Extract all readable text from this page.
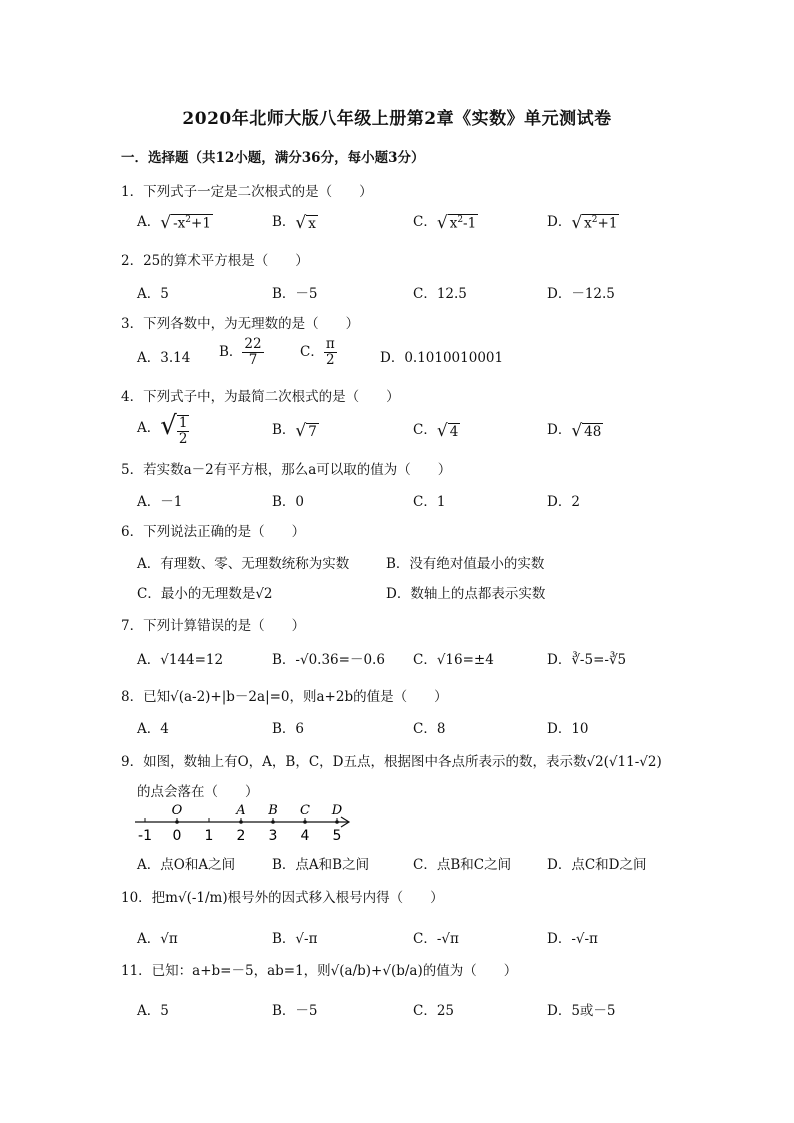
2020年北师大版八年级上册第2章《实数》单元测试卷
一．选择题（共12小题，满分36分，每小题3分）
1．下列式子一定是二次根式的是（　　）
A．√ $-x^2+1$	B．√ x	C．√ $x^2-1$	D．√ $x^2+1$
2．25的算术平方根是（　　）
A．5	B．－5	C．12.5	D．－12.5
3．下列各数中，为无理数的是（　　）
A．3.14 B． $\frac{22}{7}$	C． $\frac{\pi}{2}$	D．0.1010010001
4．下列式子中，为最简二次根式的是（　　）
A．√ $\frac{1}{2}$	B．√ 7	C．√ 4	D．√ 48
5．若实数a－2有平方根，那么a可以取的值为（　　）
A．－1	B．0	C．1	D．2
6．下列说法正确的是（　　）
A．有理数、零、无理数统称为实数	B．没有绝对值最小的实数
C．最小的无理数是√2	D．数轴上的点都表示实数
7．下列计算错误的是（　　）
A．√144=12	B．-√0.36=－0.6 C．√16=±4	D．∛-5=-∛5
8．已知√(a-2)+|b－2a|=0，则a+2b的值是（　　）
A．4	B．6	C．8	D．10
9．如图，数轴上有O，A，B，C，D五点，根据图中各点所表示的数，表示数√2(√11-√2)
的点会落在（　　）
-1 0 1 2 3 4 5
O	A B C D
A．点O和A之间	B．点A和B之间	C．点B和C之间	D．点C和D之间
10．把m√(-1/m)根号外的因式移入根号内得（　　）
A．√π	B．√-π	C．-√π	D．-√-π
11．已知：a+b=－5，ab=1，则√(a/b)+√(b/a)的值为（　　）
A．5	B．－5	C．25	D．5或－5
